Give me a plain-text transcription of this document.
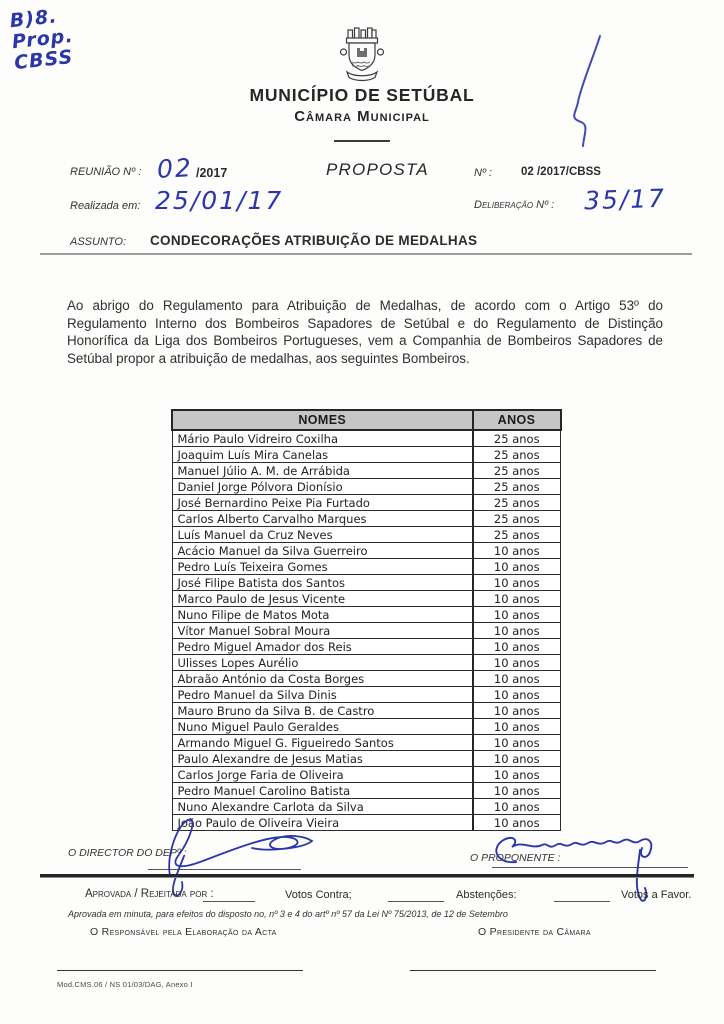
B)8.
Prop.
CBSS
MUNICÍPIO DE SETÚBAL
Câmara Municipal
REUNIÃO Nº : 02 /2017	PROPOSTA	Nº :	02 /2017/CBSS
Realizada em: 25/01/17	Deliberação Nº : 35/17
ASSUNTO: CONDECORAÇÕES ATRIBUIÇÃO DE MEDALHAS
Ao abrigo do Regulamento para Atribuição de Medalhas, de acordo com o Artigo 53º do Regulamento Interno dos Bombeiros Sapadores de Setúbal e do Regulamento de Distinção Honorífica da Liga dos Bombeiros Portugueses, vem a Companhia de Bombeiros Sapadores de Setúbal propor a atribuição de medalhas, aos seguintes Bombeiros.
NOMES	ANOS
Mário Paulo Vidreiro Coxilha	25 anos
Joaquim Luís Mira Canelas	25 anos
Manuel Júlio A. M. de Arrábida	25 anos
Daniel Jorge Pólvora Dionísio	25 anos
José Bernardino Peixe Pia Furtado	25 anos
Carlos Alberto Carvalho Marques	25 anos
Luís Manuel da Cruz Neves	25 anos
Acácio Manuel da Silva Guerreiro	10 anos
Pedro Luís Teixeira Gomes	10 anos
José Filipe Batista dos Santos	10 anos
Marco Paulo de Jesus Vicente	10 anos
Nuno Filipe de Matos Mota	10 anos
Vítor Manuel Sobral Moura	10 anos
Pedro Miguel Amador dos Reis	10 anos
Ulisses Lopes Aurélio	10 anos
Abraão António da Costa Borges	10 anos
Pedro Manuel da Silva Dinis	10 anos
Mauro Bruno da Silva B. de Castro	10 anos
Nuno Miguel Paulo Geraldes	10 anos
Armando Miguel G. Figueiredo Santos	10 anos
Paulo Alexandre de Jesus Matias	10 anos
Carlos Jorge Faria de Oliveira	10 anos
Pedro Manuel Carolino Batista	10 anos
Nuno Alexandre Carlota da Silva	10 anos
João Paulo de Oliveira Vieira	10 anos
O DIRECTOR DO DEPº :	O PROPONENTE :
Aprovada / Rejeitada por :	Votos Contra;	Abstenções:	Votos a Favor.
Aprovada em minuta, para efeitos do disposto no, nº 3 e 4 do artº nº 57 da Lei Nº 75/2013, de 12 de Setembro
O Responsável pela Elaboração da Acta	O Presidente da Câmara
Mod.CMS.06 / NS 01/03/DAG, Anexo I
